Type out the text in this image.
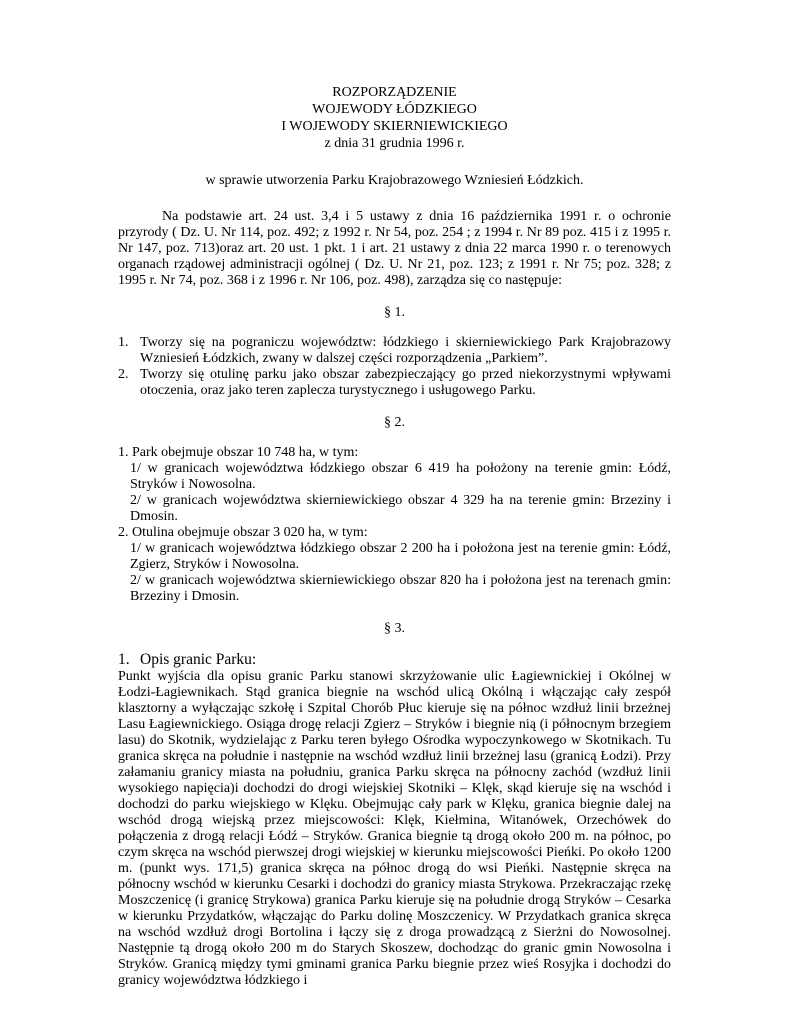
ROZPORZĄDZENIE

WOJEWODY ŁÓDZKIEGO

I WOJEWODY SKIERNIEWICKIEGO

z dnia 31 grudnia 1996 r.

w sprawie utworzenia Parku Krajobrazowego Wzniesień Łódzkich.

Na podstawie art. 24 ust. 3,4 i 5 ustawy z dnia 16 października 1991 r. o ochronie przyrody ( Dz. U. Nr 114, poz. 492; z 1992 r. Nr 54, poz. 254 ; z 1994 r. Nr 89 poz. 415 i z 1995 r. Nr 147, poz. 713)oraz art. 20 ust. 1 pkt. 1 i art. 21 ustawy z dnia 22 marca 1990 r. o terenowych organach rządowej administracji ogólnej ( Dz. U. Nr 21, poz. 123; z 1991 r. Nr 75; poz. 328; z 1995 r. Nr 74, poz. 368 i z 1996 r. Nr 106, poz. 498), zarządza się co następuje:

§ 1.

1. Tworzy się na pograniczu województw: łódzkiego i skierniewickiego Park Krajobrazowy Wzniesień Łódzkich, zwany w dalszej części rozporządzenia „Parkiem”.
2. Tworzy się otulinę parku jako obszar zabezpieczający go przed niekorzystnymi wpływami otoczenia, oraz jako teren zaplecza turystycznego i usługowego Parku.

§ 2.

1. Park obejmuje obszar 10 748 ha, w tym:
1/ w granicach województwa łódzkiego obszar 6 419 ha położony na terenie gmin: Łódź, Stryków i Nowosolna.
2/ w granicach województwa skierniewickiego obszar 4 329 ha na terenie gmin: Brzeziny i Dmosin.
2. Otulina obejmuje obszar 3 020 ha, w tym:
1/ w granicach województwa łódzkiego obszar 2 200 ha i położona jest na terenie gmin: Łódź, Zgierz, Stryków i Nowosolna.
2/ w granicach województwa skierniewickiego obszar 820 ha i położona jest na terenach gmin: Brzeziny i Dmosin.

§ 3.

1. Opis granic Parku:

Punkt wyjścia dla opisu granic Parku stanowi skrzyżowanie ulic Łagiewnickiej i Okólnej w Łodzi-Łagiewnikach. Stąd granica biegnie na wschód ulicą Okólną i włączając cały zespół klasztorny a wyłączając szkołę i Szpital Chorób Płuc kieruje się na północ wzdłuż linii brzeżnej Lasu Łagiewnickiego. Osiąga drogę relacji Zgierz – Stryków i biegnie nią (i północnym brzegiem lasu) do Skotnik, wydzielając z Parku teren byłego Ośrodka wypoczynkowego w Skotnikach. Tu granica skręca na południe i następnie na wschód wzdłuż linii brzeżnej lasu (granicą Łodzi). Przy załamaniu granicy miasta na południu, granica Parku skręca na północny zachód (wzdłuż linii wysokiego napięcia)i dochodzi do drogi wiejskiej Skotniki – Klęk, skąd kieruje się na wschód i dochodzi do parku wiejskiego w Klęku. Obejmując cały park w Klęku, granica biegnie dalej na wschód drogą wiejską przez miejscowości: Klęk, Kiełmina, Witanówek, Orzechówek do połączenia z drogą relacji Łódź – Stryków. Granica biegnie tą drogą około 200 m. na północ, po czym skręca na wschód pierwszej drogi wiejskiej w kierunku miejscowości Pieńki. Po około 1200 m. (punkt wys. 171,5) granica skręca na północ drogą do wsi Pieńki. Następnie skręca na północny wschód w kierunku Cesarki i dochodzi do granicy miasta Strykowa. Przekraczając rzekę Moszczenicę (i granicę Strykowa) granica Parku kieruje się na południe drogą Stryków – Cesarka w kierunku Przydatków, włączając do Parku dolinę Moszczenicy. W Przydatkach granica skręca na wschód wzdłuż drogi Bortolina i łączy się z droga prowadzącą z Sierżni do Nowosolnej. Następnie tą drogą około 200 m do Starych Skoszew, dochodząc do granic gmin Nowosolna i Stryków. Granicą między tymi gminami granica Parku biegnie przez wieś Rosyjka i dochodzi do granicy województwa łódzkiego i
